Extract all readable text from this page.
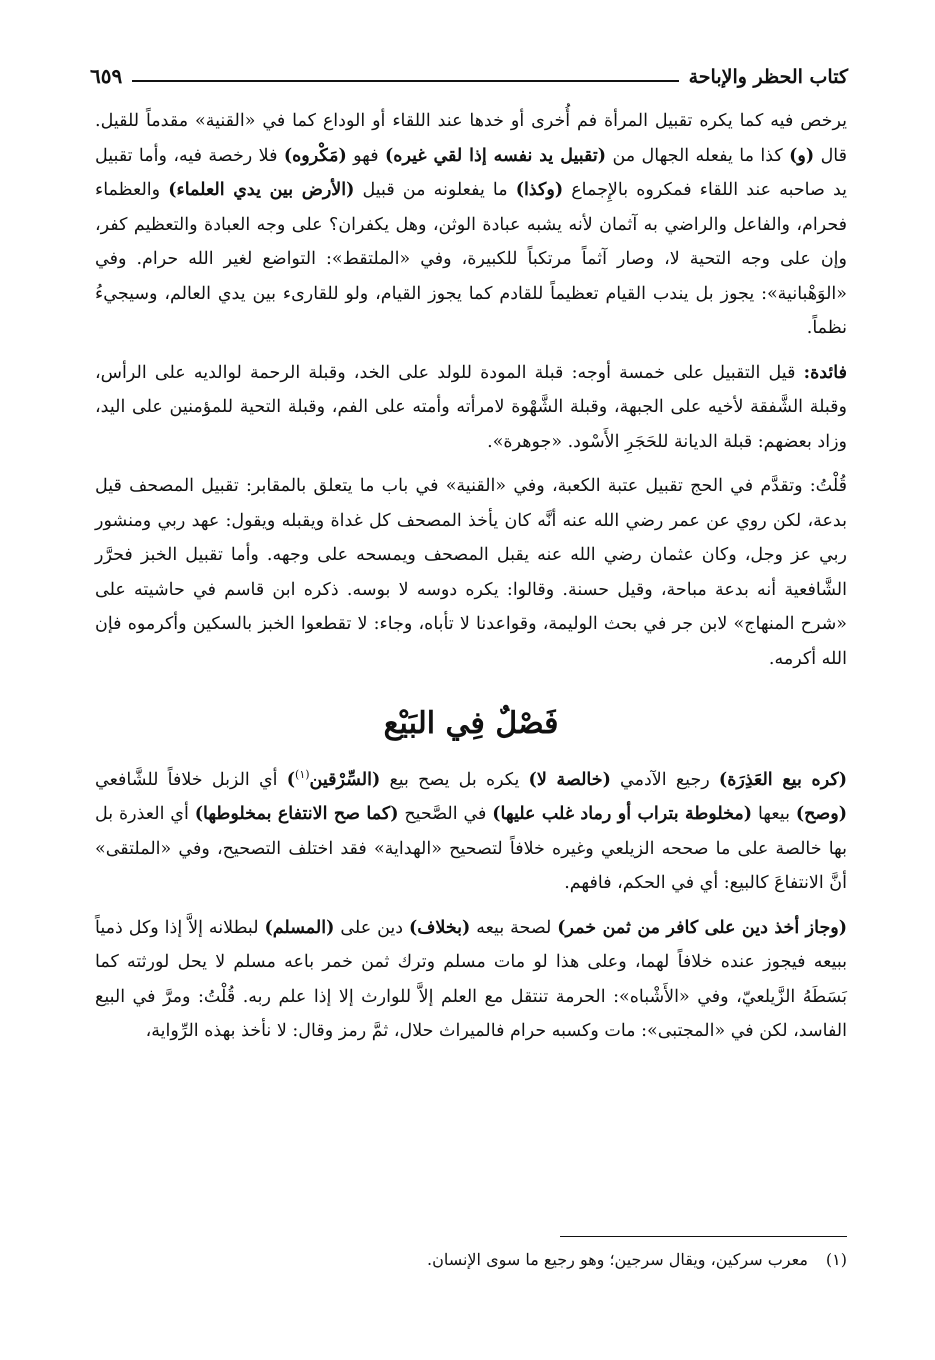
٦٥٩	كتاب الحظر والإباحة

يرخص فيه كما يكره تقبيل المرأة فم أُخرى أو خدها عند اللقاء أو الوداع كما في «القنية» مقدماً للقيل. قال (و) كذا ما يفعله الجهال من (تقبيل يد نفسه إذا لقي غيره) فهو (مَكْروه) فلا رخصة فيه، وأما تقبيل يد صاحبه عند اللقاء فمكروه بالإِجماع (وكذا) ما يفعلونه من قبيل (الأرض بين يدي العلماء) والعظماء فحرام، والفاعل والراضي به آثمان لأنه يشبه عبادة الوثن، وهل يكفران؟ على وجه العبادة والتعظيم كفر، وإن على وجه التحية لا، وصار آثماً مرتكباً للكبيرة، وفي «الملتقط»: التواضع لغير الله حرام. وفي «الوَهْبانية»: يجوز بل يندب القيام تعظيماً للقادم كما يجوز القيام، ولو للقارىء بين يدي العالم، وسيجيءُ نظماً.

فائدة: قيل التقبيل على خمسة أوجه: قبلة المودة للولد على الخد، وقبلة الرحمة لوالديه على الرأس، وقبلة الشَّفقة لأخيه على الجبهة، وقبلة الشَّهْوة لامرأته وأمته على الفم، وقبلة التحية للمؤمنين على اليد، وزاد بعضهم: قبلة الديانة للحَجَرِ الأَسْود. «جوهرة».

قُلْتُ: وتقدَّم في الحج تقبيل عتبة الكعبة، وفي «القنية» في باب ما يتعلق بالمقابر: تقبيل المصحف قيل بدعة، لكن روي عن عمر رضي الله عنه أنَّه كان يأخذ المصحف كل غداة ويقبله ويقول: عهد ربي ومنشور ربي عز وجل، وكان عثمان رضي الله عنه يقبل المصحف ويمسحه على وجهه. وأما تقبيل الخبز فحرَّر الشَّافعية أنه بدعة مباحة، وقيل حسنة. وقالوا: يكره دوسه لا بوسه. ذكره ابن قاسم في حاشيته على «شرح المنهاج» لابن جر في بحث الوليمة، وقواعدنا لا تأباه، وجاء: لا تقطعوا الخبز بالسكين وأكرموه فإن الله أكرمه.

فَصْلٌ فِي البَيْع

(كره بيع العَذِرَة) رجيع الآدمي (خالصة لا) يكره بل يصح بيع (السِّرْقين$^{(١)}$) أي الزبل خلافاً للشَّافعي (وصح) بيعها (مخلوطة بتراب أو رماد غلب عليها) في الصَّحيح (كما صح الانتفاع بمخلوطها) أي العذرة بل بها خالصة على ما صححه الزيلعي وغيره خلافاً لتصحيح «الهداية» فقد اختلف التصحيح، وفي «الملتقى» أنَّ الانتفاعَ كالبيع: أي في الحكم، فافهم.

(وجاز أخذ دين على كافر من ثمن خمر) لصحة بيعه (بخلاف) دين على (المسلم) لبطلانه إلاَّ إذا وكل ذمياً ببيعه فيجوز عنده خلافاً لهما، وعلى هذا لو مات مسلم وترك ثمن خمر باعه مسلم لا يحل لورثته كما بَسَطَهُ الزَّيلعيّ، وفي «الأَشْباه»: الحرمة تنتقل مع العلم إلاَّ للوارث إلا إذا علم ربه. قُلْتُ: ومرَّ في البيع الفاسد، لكن في «المجتبى»: مات وكسبه حرام فالميراث حلال، ثمَّ رمز وقال: لا نأخذ بهذه الرِّواية،

(١)معرب سركين، ويقال سرجين؛ وهو رجيع ما سوى الإنسان.
